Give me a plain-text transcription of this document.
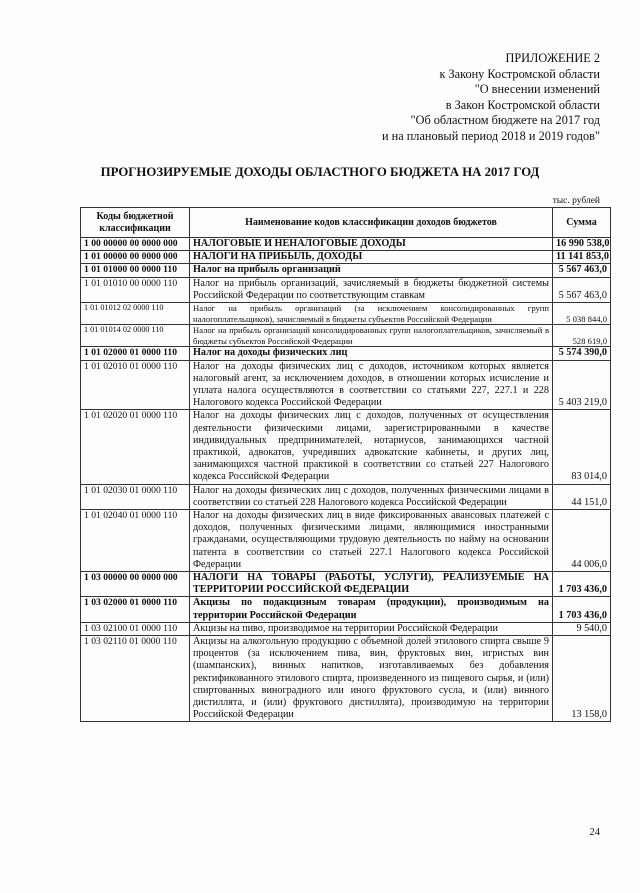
ПРИЛОЖЕНИЕ 2
к Закону Костромской области
"О внесении изменений
в Закон Костромской области
"Об областном бюджете на 2017 год
и на плановый период 2018 и 2019 годов"
ПРОГНОЗИРУЕМЫЕ ДОХОДЫ ОБЛАСТНОГО БЮДЖЕТА НА 2017 ГОД
тыс. рублей
Коды бюджетной классификации	Наименование кодов классификации доходов бюджетов	Сумма
1 00 00000 00 0000 000	НАЛОГОВЫЕ И НЕНАЛОГОВЫЕ ДОХОДЫ	16 990 538,0
1 01 00000 00 0000 000	НАЛОГИ НА ПРИБЫЛЬ, ДОХОДЫ	11 141 853,0
1 01 01000 00 0000 110	Налог на прибыль организаций	5 567 463,0
1 01 01010 00 0000 110	Налог на прибыль организаций, зачисляемый в бюджеты бюджетной системы Российской Федерации по соответствующим ставкам	5 567 463,0
1 01 01012 02 0000 110	Налог на прибыль организаций (за исключением консолидированных групп налогоплательщиков), зачисляемый в бюджеты субъектов Российской Федерации	5 038 844,0
1 01 01014 02 0000 110	Налог на прибыль организаций консолидированных групп налогоплательщиков, зачисляемый в бюджеты субъектов Российской Федерации	528 619,0
1 01 02000 01 0000 110	Налог на доходы физических лиц	5 574 390,0
1 01 02010 01 0000 110	Налог на доходы физических лиц с доходов, источником которых является налоговый агент, за исключением доходов, в отношении которых исчисление и уплата налога осуществляются в соответствии со статьями 227, 227.1 и 228 Налогового кодекса Российской Федерации	5 403 219,0
1 01 02020 01 0000 110	Налог на доходы физических лиц с доходов, полученных от осуществления деятельности физическими лицами, зарегистрированными в качестве индивидуальных предпринимателей, нотариусов, занимающихся частной практикой, адвокатов, учредивших адвокатские кабинеты, и других лиц, занимающихся частной практикой в соответствии со статьей 227 Налогового кодекса Российской Федерации	83 014,0
1 01 02030 01 0000 110	Налог на доходы физических лиц с доходов, полученных физическими лицами в соответствии со статьей 228 Налогового кодекса Российской Федерации	44 151,0
1 01 02040 01 0000 110	Налог на доходы физических лиц в виде фиксированных авансовых платежей с доходов, полученных физическими лицами, являющимися иностранными гражданами, осуществляющими трудовую деятельность по найму на основании патента в соответствии со статьей 227.1 Налогового кодекса Российской Федерации	44 006,0
1 03 00000 00 0000 000	НАЛОГИ НА ТОВАРЫ (РАБОТЫ, УСЛУГИ), РЕАЛИЗУЕМЫЕ НА ТЕРРИТОРИИ РОССИЙСКОЙ ФЕДЕРАЦИИ	1 703 436,0
1 03 02000 01 0000 110	Акцизы по подакцизным товарам (продукции), производимым на территории Российской Федерации	1 703 436,0
1 03 02100 01 0000 110	Акцизы на пиво, производимое на территории Российской Федерации	9 540,0
1 03 02110 01 0000 110	Акцизы на алкогольную продукцию с объемной долей этилового спирта свыше 9 процентов (за исключением пива, вин, фруктовых вин, игристых вин (шампанских), винных напитков, изготавливаемых без добавления ректификованного этилового спирта, произведенного из пищевого сырья, и (или) спиртованных виноградного или иного фруктового сусла, и (или) винного дистиллята, и (или) фруктового дистиллята), производимую на территории Российской Федерации	13 158,0
24
